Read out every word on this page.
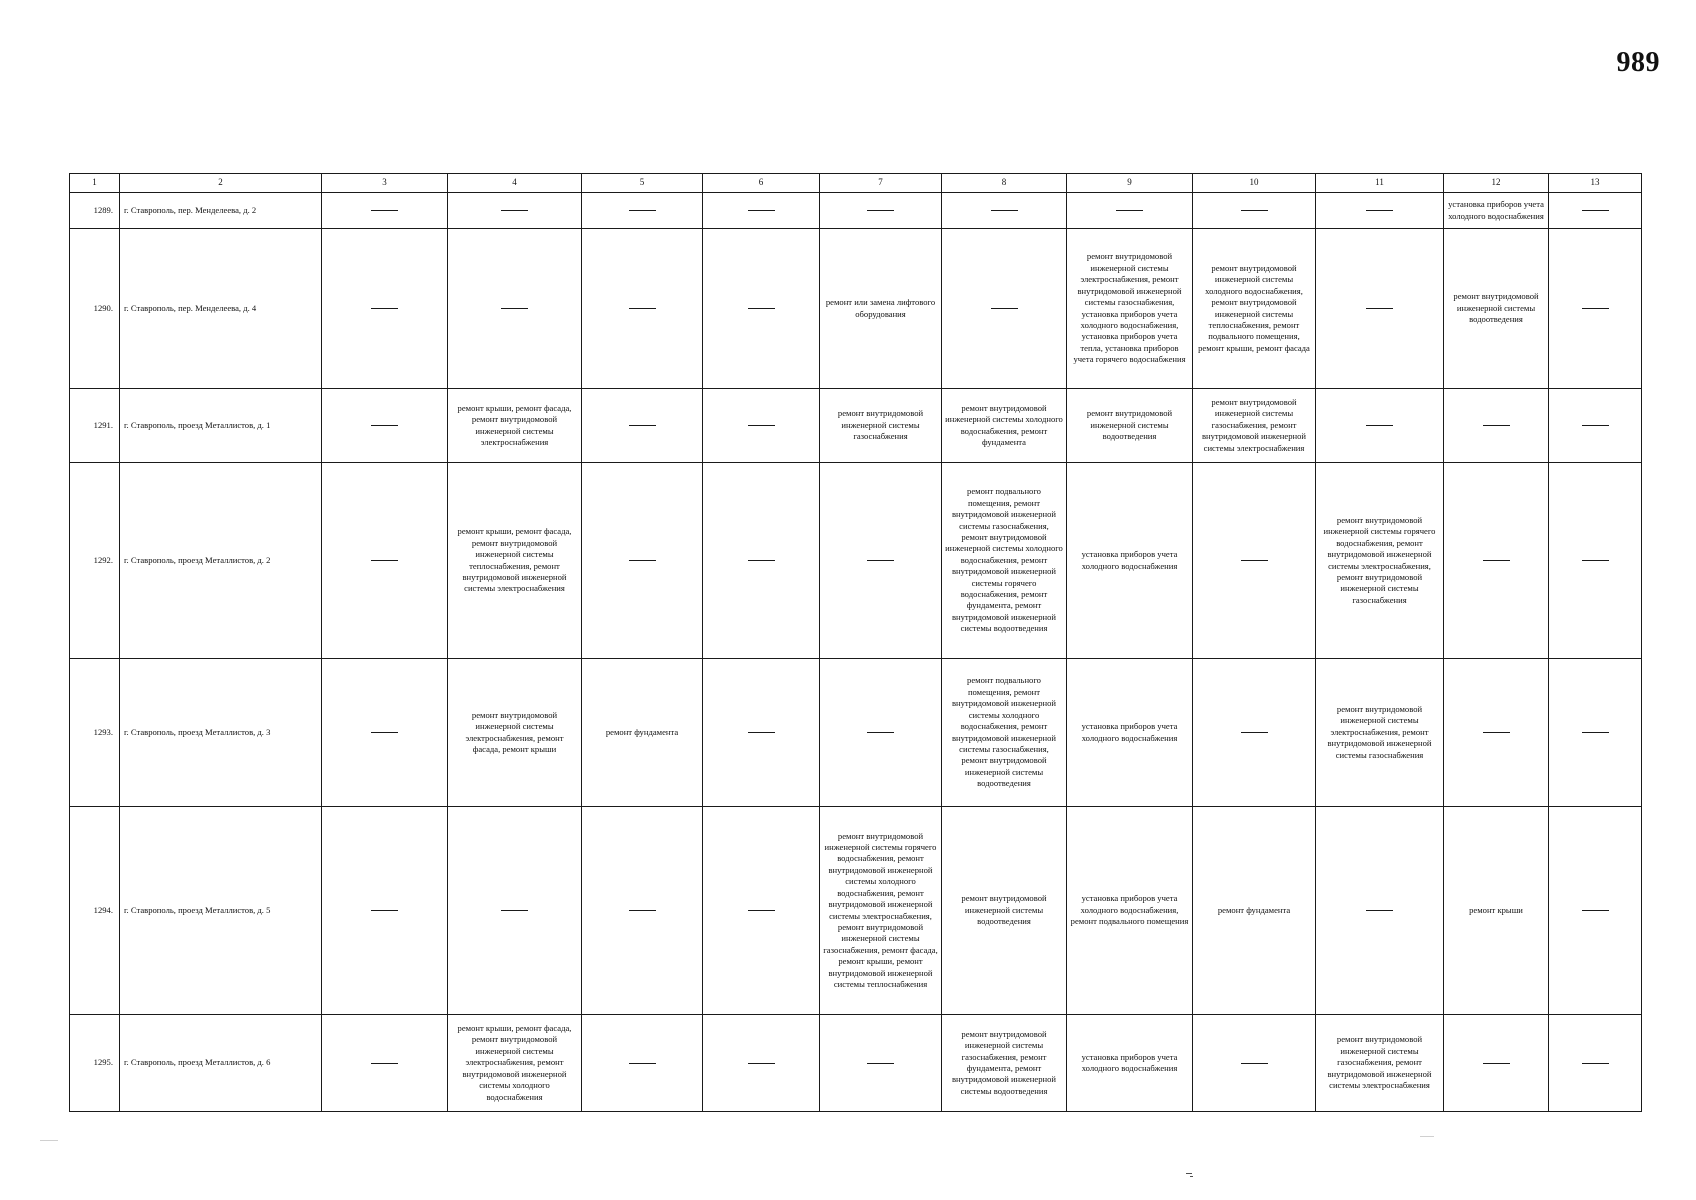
989
1	2	3	4	5	6	7	8	9	10	11	12	13
1289.	г. Ставрополь, пер. Менделеева, д. 2										установка приборов учета холодного водоснабжения	
1290.	г. Ставрополь, пер. Менделеева, д. 4					ремонт или замена лифтового оборудования		ремонт внутридомовой инженерной системы электроснабжения, ремонт внутридомовой инженерной системы газоснабжения, установка приборов учета холодного водоснабжения, установка приборов учета тепла, установка приборов учета горячего водоснабжения	ремонт внутридомовой инженерной системы холодного водоснабжения, ремонт внутридомовой инженерной системы теплоснабжения, ремонт подвального помещения, ремонт крыши, ремонт фасада		ремонт внутридомовой инженерной системы водоотведения	
1291.	г. Ставрополь, проезд Металлистов, д. 1		ремонт крыши, ремонт фасада, ремонт внутридомовой инженерной системы электроснабжения			ремонт внутридомовой инженерной системы газоснабжения	ремонт внутридомовой инженерной системы холодного водоснабжения, ремонт фундамента	ремонт внутридомовой инженерной системы водоотведения	ремонт внутридомовой инженерной системы газоснабжения, ремонт внутридомовой инженерной системы электроснабжения			
1292.	г. Ставрополь, проезд Металлистов, д. 2		ремонт крыши, ремонт фасада, ремонт внутридомовой инженерной системы теплоснабжения, ремонт внутридомовой инженерной системы электроснабжения				ремонт подвального помещения, ремонт внутридомовой инженерной системы газоснабжения, ремонт внутридомовой инженерной системы холодного водоснабжения, ремонт внутридомовой инженерной системы горячего водоснабжения, ремонт фундамента, ремонт внутридомовой инженерной системы водоотведения	установка приборов учета холодного водоснабжения		ремонт внутридомовой инженерной системы горячего водоснабжения, ремонт внутридомовой инженерной системы электроснабжения, ремонт внутридомовой инженерной системы газоснабжения		
1293.	г. Ставрополь, проезд Металлистов, д. 3		ремонт внутридомовой инженерной системы электроснабжения, ремонт фасада, ремонт крыши	ремонт фундамента			ремонт подвального помещения, ремонт внутридомовой инженерной системы холодного водоснабжения, ремонт внутридомовой инженерной системы газоснабжения, ремонт внутридомовой инженерной системы водоотведения	установка приборов учета холодного водоснабжения		ремонт внутридомовой инженерной системы электроснабжения, ремонт внутридомовой инженерной системы газоснабжения		
1294.	г. Ставрополь, проезд Металлистов, д. 5					ремонт внутридомовой инженерной системы горячего водоснабжения, ремонт внутридомовой инженерной системы холодного водоснабжения, ремонт внутридомовой инженерной системы электроснабжения, ремонт внутридомовой инженерной системы газоснабжения, ремонт фасада, ремонт крыши, ремонт внутридомовой инженерной системы теплоснабжения	ремонт внутридомовой инженерной системы водоотведения	установка приборов учета холодного водоснабжения, ремонт подвального помещения	ремонт фундамента		ремонт крыши	
1295.	г. Ставрополь, проезд Металлистов, д. 6		ремонт крыши, ремонт фасада, ремонт внутридомовой инженерной системы электроснабжения, ремонт внутридомовой инженерной системы холодного водоснабжения				ремонт внутридомовой инженерной системы газоснабжения, ремонт фундамента, ремонт внутридомовой инженерной системы водоотведения	установка приборов учета холодного водоснабжения		ремонт внутридомовой инженерной системы газоснабжения, ремонт внутридомовой инженерной системы электроснабжения		
